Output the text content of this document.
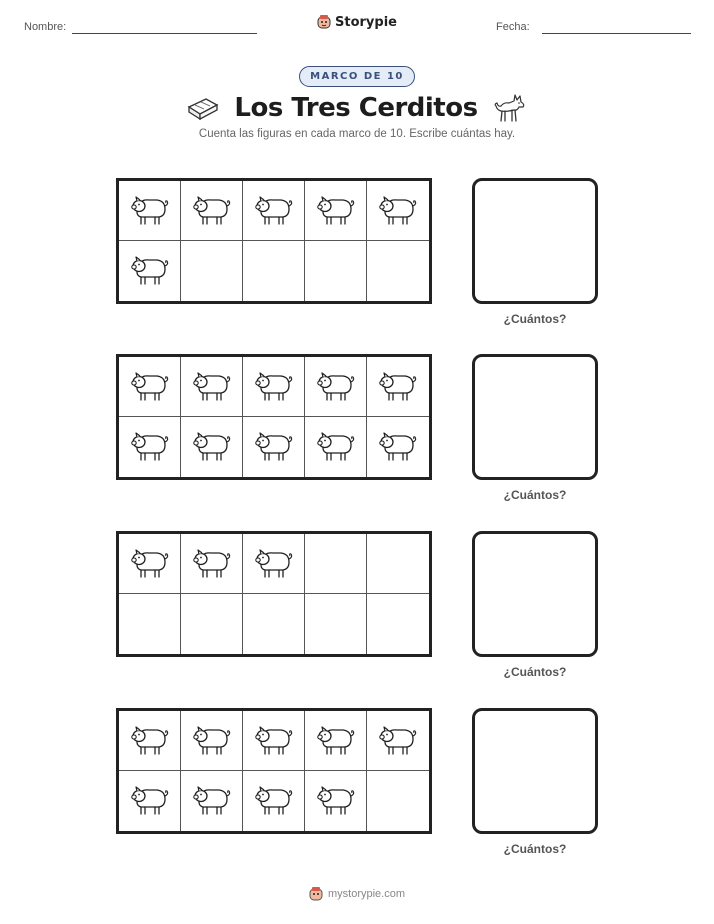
Nombre:	Storypie	Fecha:
MARCO DE 10
Los Tres Cerditos
Cuenta las figuras en cada marco de 10. Escribe cuántas hay.
¿Cuántos?
¿Cuántos?
¿Cuántos?
¿Cuántos?
mystorypie.com
